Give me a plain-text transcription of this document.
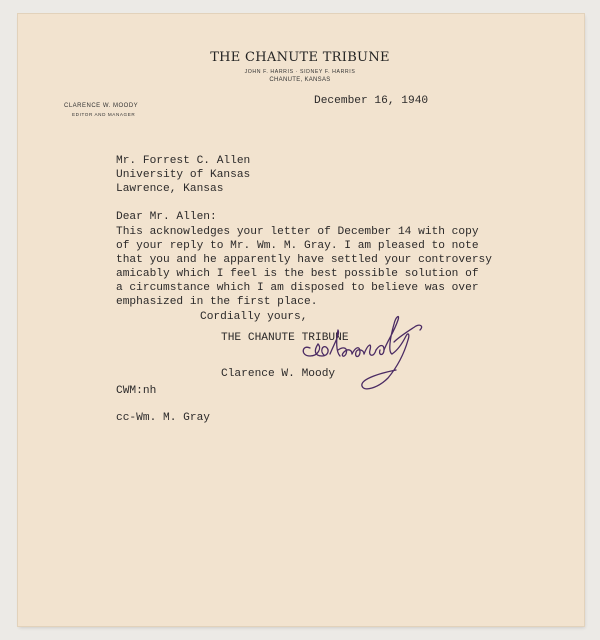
THE CHANUTE TRIBUNE
JOHN F. HARRIS · SIDNEY F. HARRIS
CHANUTE, KANSAS
CLARENCE W. MOODY
EDITOR AND MANAGER
December 16, 1940
Mr. Forrest C. Allen
University of Kansas
Lawrence, Kansas
Dear Mr. Allen:
This acknowledges your letter of December 14 with copy
of your reply to Mr. Wm. M. Gray. I am pleased to note
that you and he apparently have settled your controversy
amicably which I feel is the best possible solution of
a circumstance which I am disposed to believe was over
emphasized in the first place.
Cordially yours,
THE CHANUTE TRIBUNE
Clarence W. Moody
CWM:nh
cc-Wm. M. Gray
